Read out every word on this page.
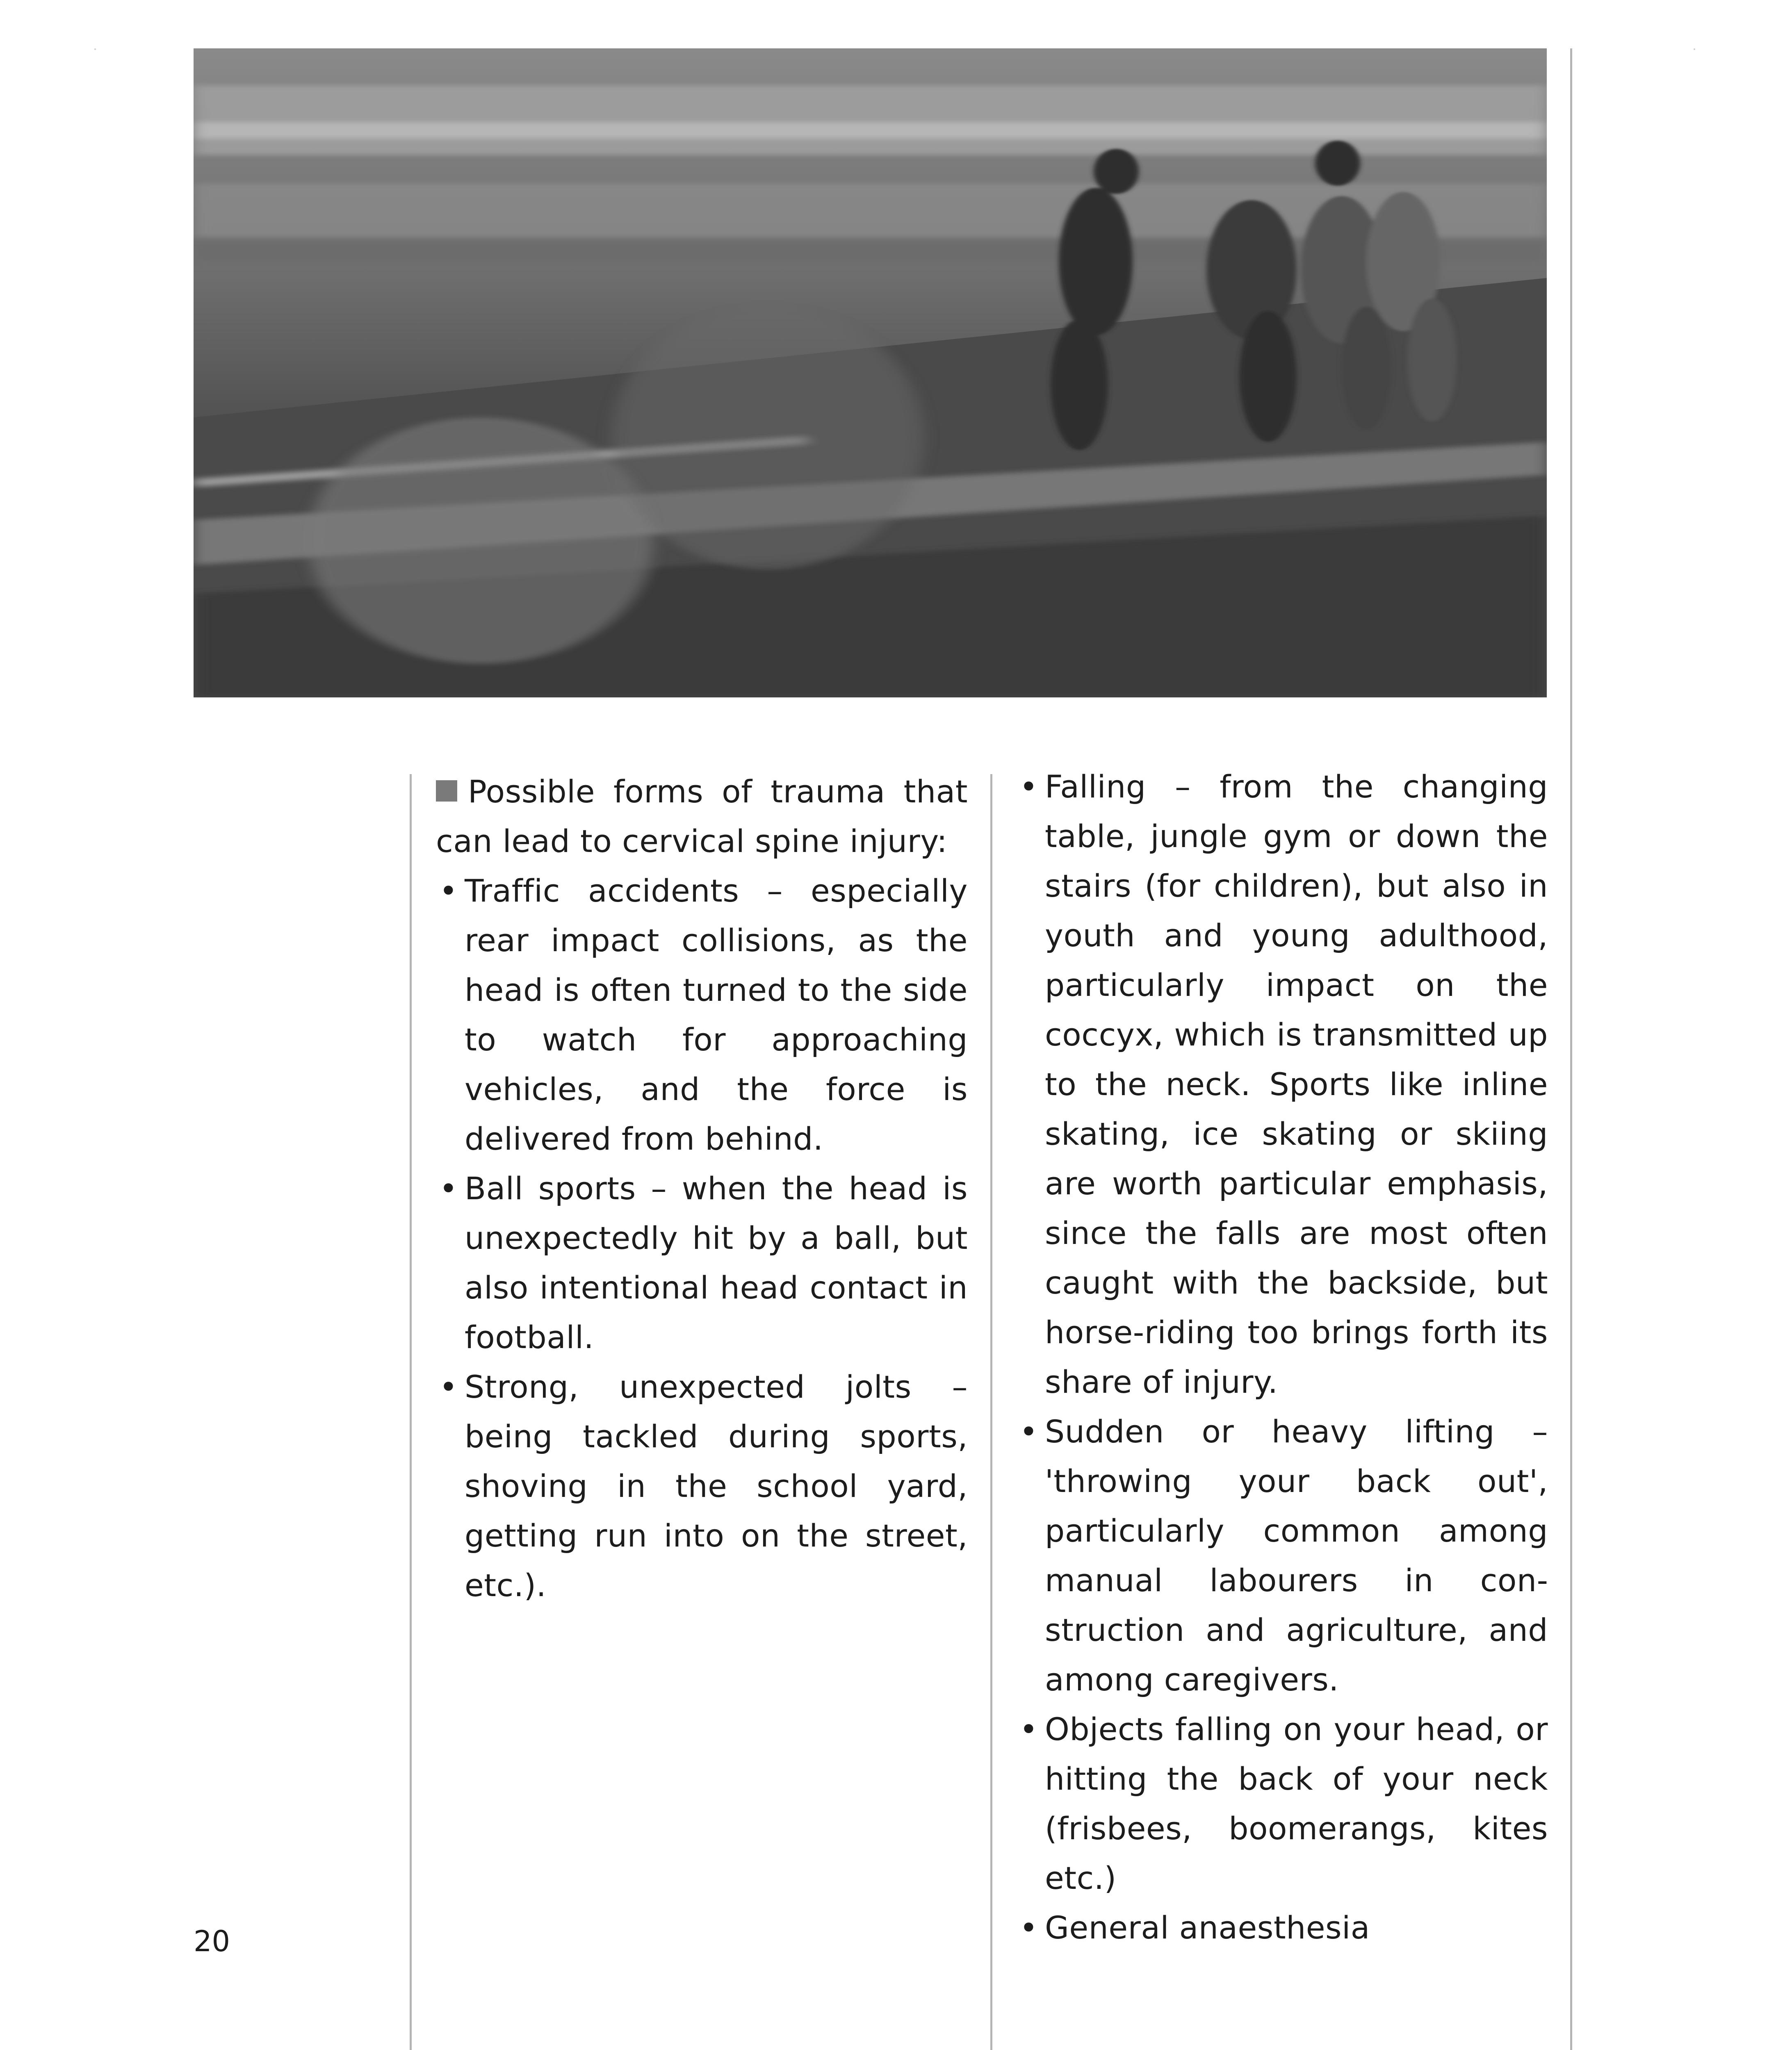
Possible forms of trauma that can lead to cervical spine injury:

• Traffic accidents – especially rear impact collisions, as the head is often turned to the side to watch for approaching vehicles, and the force is delivered from behind.
• Ball sports – when the head is unexpectedly hit by a ball, but also intentional head contact in football.
• Strong, unexpected jolts – being tackled during sports, shoving in the school yard, getting run into on the street, etc.).
• Falling – from the changing table, jungle gym or down the stairs (for children), but also in youth and young adulthood, particularly impact on the coccyx, which is transmitted up to the neck. Sports like inline skating, ice skating or skiing are worth particular emphasis, since the falls are most often caught with the backside, but horse-riding too brings forth its share of injury.
• Sudden or heavy lifting – 'throwing your back out', particularly common among manual labourers in construction and agriculture, and among caregivers.
• Objects falling on your head, or hitting the back of your neck (frisbees, boomerangs, kites etc.)
• General anaesthesia
20
